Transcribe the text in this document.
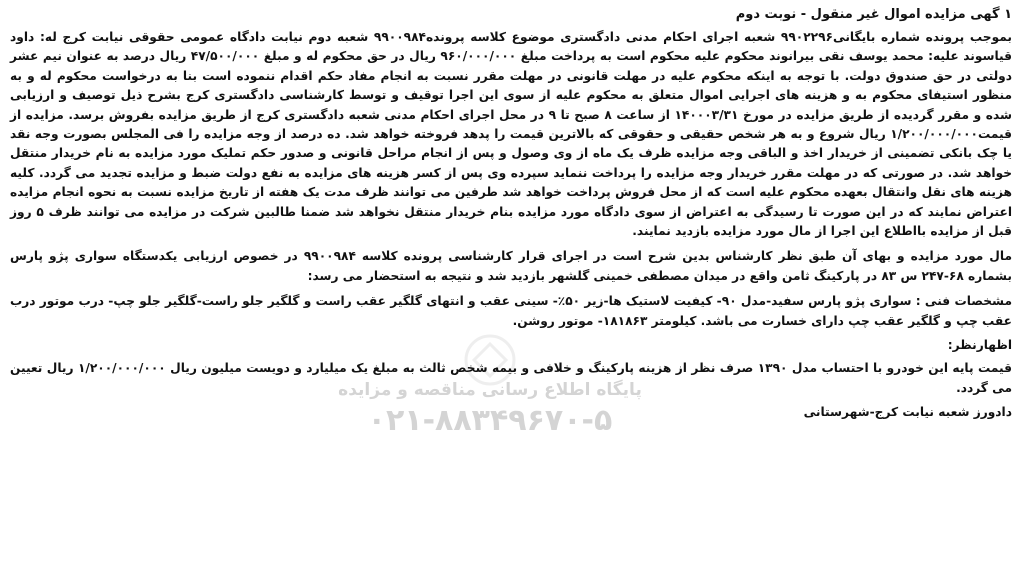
پایگاه اطلاع رسانی مناقصه و مزایده
۰۲۱-۸۸۳۴۹۶۷۰-۵
۱ گهی مزایده اموال غیر منقول - نوبت دوم

بموجب پرونده شماره بایگانی۹۹۰۲۲۹۶ شعبه اجرای احکام مدنی دادگستری موضوع کلاسه پرونده۹۹۰۰۹۸۴ شعبه دوم نیابت دادگاه عمومی حقوقی نیابت کرج له: داود قیاسوند علیه: محمد یوسف نقی بیرانوند محکوم علیه محکوم است به پرداخت مبلغ ۹۶۰/۰۰۰/۰۰۰ ریال در حق محکوم له و مبلغ ۴۷/۵۰۰/۰۰۰ ریال درصد به عنوان نیم عشر دولتی در حق صندوق دولت. با توجه به اینکه محکوم علیه در مهلت قانونی در مهلت مقرر نسبت به انجام مفاد حکم اقدام ننموده است بنا به درخواست محکوم له و به منظور استیفای محکوم به و هزینه های اجرایی اموال متعلق به محکوم علیه از سوی این اجرا توقیف و توسط کارشناسی دادگستری کرج بشرح ذیل توصیف و ارزیابی شده و مقرر گردیده از طریق مزایده در مورخ ۱۴۰۰۰۳/۳۱ از ساعت ۸ صبح تا ۹ در محل اجرای احکام مدنی شعبه دادگستری کرج از طریق مزایده بفروش برسد. مزایده از قیمت۱/۲۰۰/۰۰۰/۰۰۰ ریال شروع و به هر شخص حقیقی و حقوقی که بالاترین قیمت را پدهد فروخته خواهد شد. ده درصد از وجه مزایده را فی المجلس بصورت وجه نقد یا چک بانکی تضمینی از خریدار اخذ و الباقی وجه مزایده ظرف یک ماه از وی وصول و پس از انجام مراحل قانونی و صدور حکم تملیک مورد مزایده به نام خریدار منتقل خواهد شد. در صورتی که در مهلت مقرر خریدار وجه مزایده را پرداخت ننماید سپرده وی پس از کسر هزینه های مزایده به نفع دولت ضبط و مزایده تجدید می گردد. کلیه هزینه های نقل وانتقال بعهده محکوم علیه است که از محل فروش پرداخت خواهد شد طرفین می توانند ظرف مدت یک هفته از تاریخ مزایده نسبت به نحوه انجام مزایده اعتراض نمایند که در این صورت تا رسیدگی به اعتراض از سوی دادگاه مورد مزایده بنام خریدار منتقل نخواهد شد ضمنا طالبین شرکت در مزایده می توانند ظرف ۵ روز قبل از مزایده بااطلاع این اجرا از مال مورد مزایده بازدید نمایند.

مال مورد مزایده و بهای آن طبق نظر کارشناس بدین شرح است در اجرای قرار کارشناسی پرونده کلاسه ۹۹۰۰۹۸۴ در خصوص ارزیابی یکدستگاه سواری پژو پارس بشماره ۶۸-۲۴۷ س ۸۳ در پارکینگ ثامن واقع در میدان مصطفی خمینی گلشهر بازدید شد و نتیجه به استحضار می رسد:

مشخصات فنی : سواری پژو پارس سفید-مدل ۹۰- کیفیت لاستیک ها-زیر ۵۰٪- سینی عقب و انتهای گلگیر عقب راست و گلگیر جلو راست-گلگیر جلو چپ- درب موتور درب عقب چپ و گلگیر عقب چپ دارای خسارت می باشد. کیلومتر ۱۸۱۸۶۳- موتور روشن.

اظهارنظر:

قیمت پایه این خودرو با احتساب مدل ۱۳۹۰ صرف نظر از هزینه پارکینگ و خلافی و بیمه شخص ثالث به مبلغ یک میلیارد و دویست میلیون ریال ۱/۲۰۰/۰۰۰/۰۰۰ ریال تعیین می گردد.

دادورز شعبه نیابت کرج-شهرستانی
